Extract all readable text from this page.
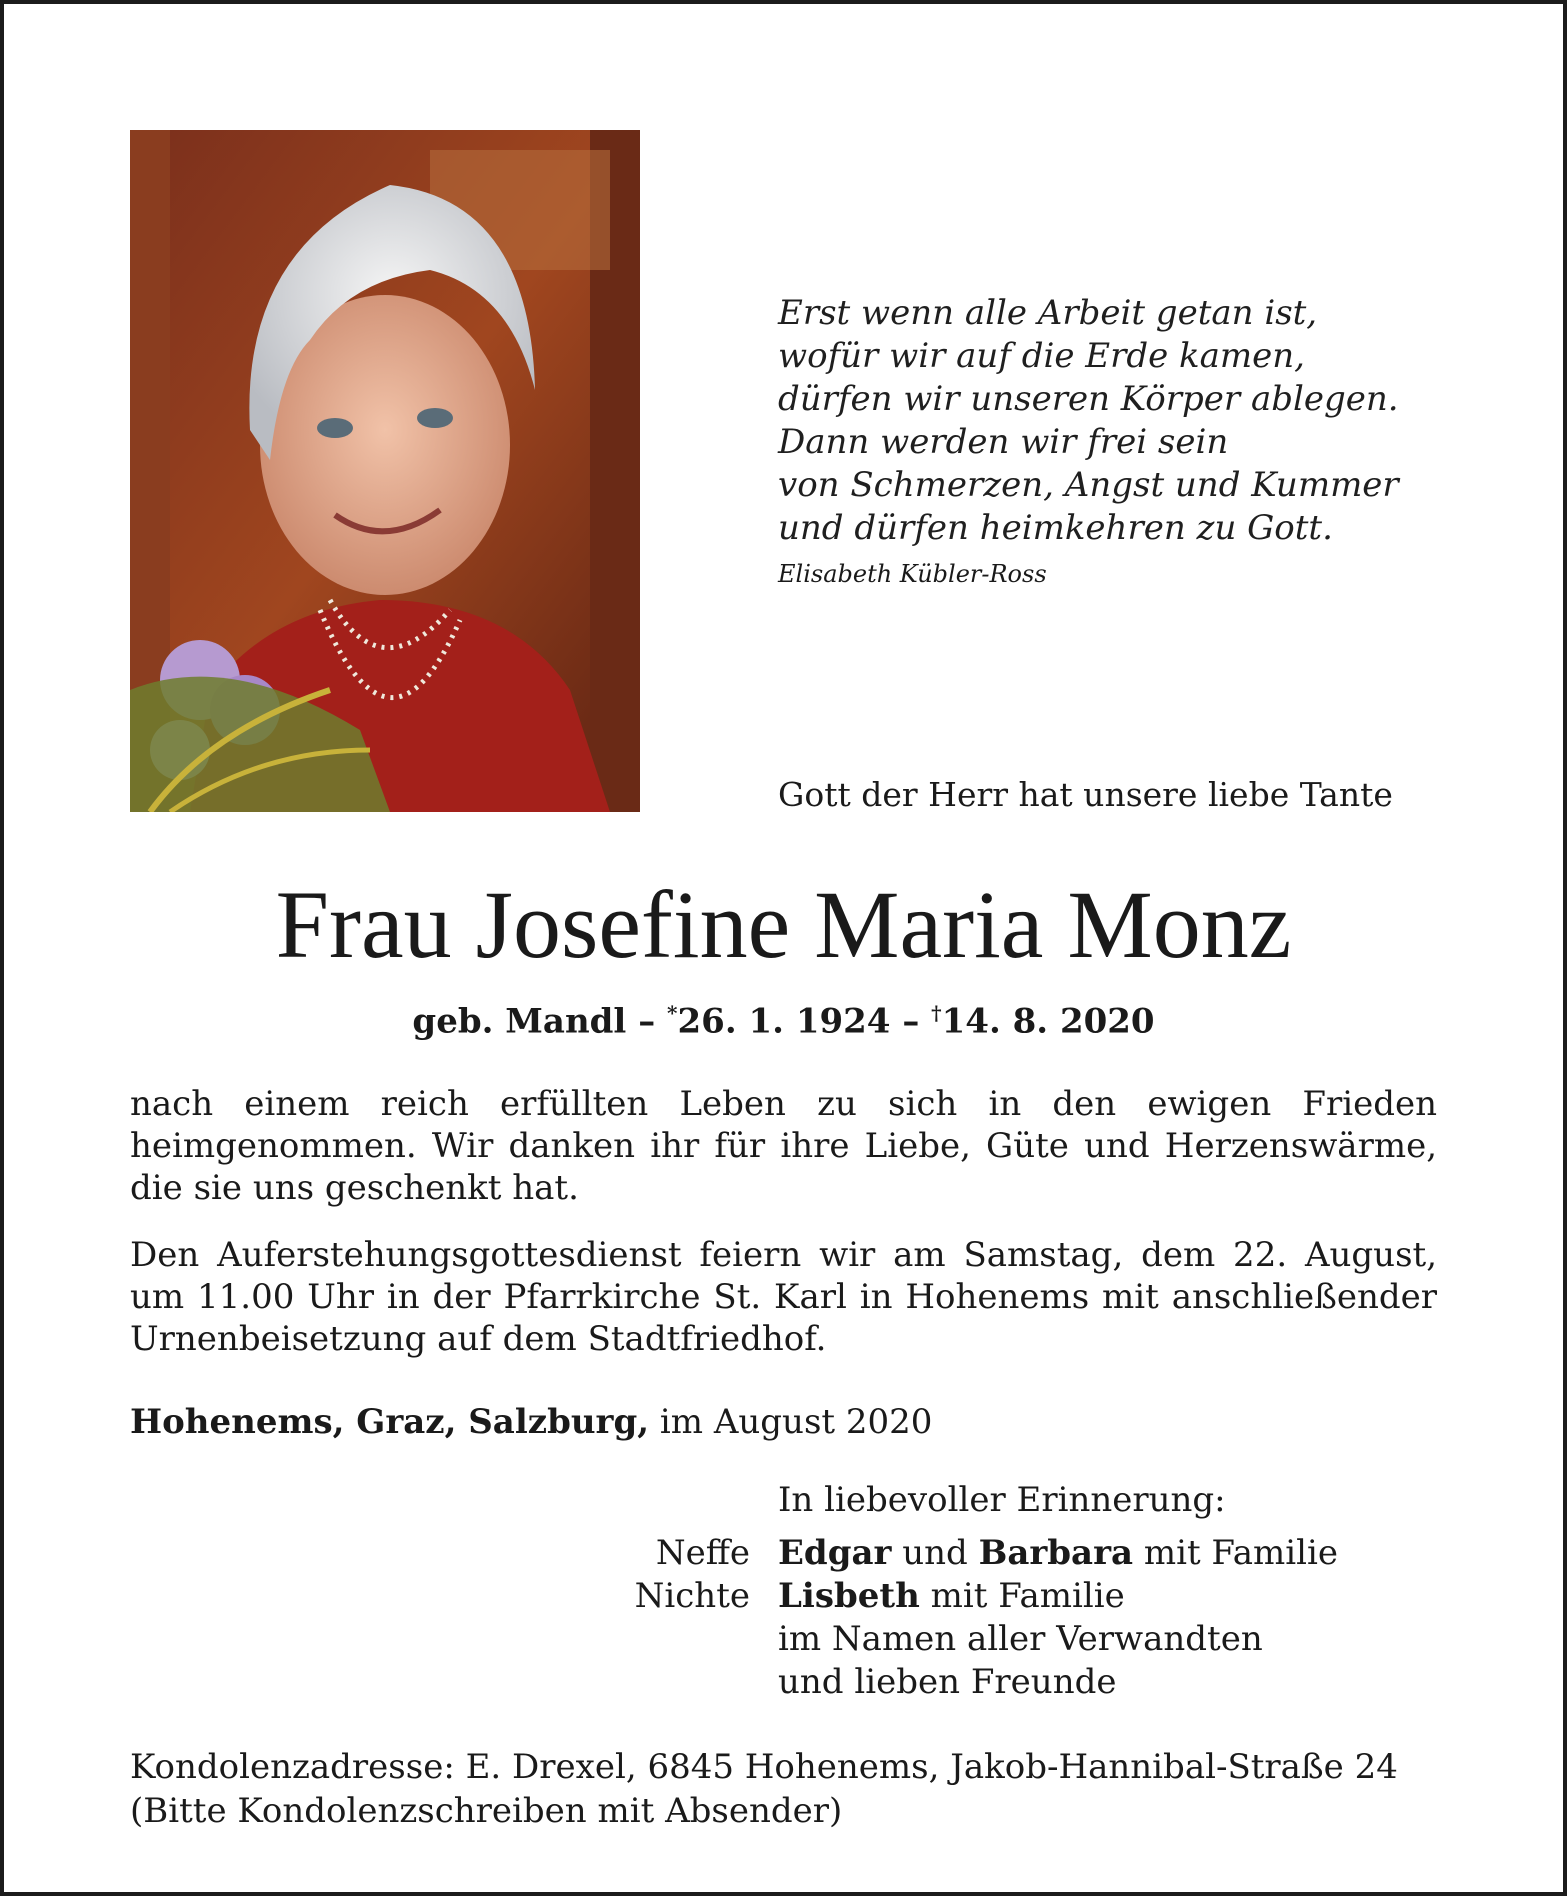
Erst wenn alle Arbeit getan ist,
wofür wir auf die Erde kamen,
dürfen wir unseren Körper ablegen.
Dann werden wir frei sein
von Schmerzen, Angst und Kummer
und dürfen heimkehren zu Gott.
Elisabeth Kübler-Ross
Gott der Herr hat unsere liebe Tante
Frau Josefine Maria Monz
geb. Mandl – *26. 1. 1924 – †14. 8. 2020
nach einem reich erfüllten Leben zu sich in den ewigen Frieden heimgenommen. Wir danken ihr für ihre Liebe, Güte und Herzenswärme, die sie uns geschenkt hat.
Den Auferstehungsgottesdienst feiern wir am Samstag, dem 22. August, um 11.00 Uhr in der Pfarrkirche St. Karl in Hohenems mit anschließender Urnenbeisetzung auf dem Stadtfriedhof.
Hohenems, Graz, Salzburg, im August 2020
In liebevoller Erinnerung:
Neffe Edgar und Barbara mit Familie
Nichte Lisbeth mit Familie
im Namen aller Verwandten
und lieben Freunde
Kondolenzadresse: E. Drexel, 6845 Hohenems, Jakob-Hannibal-Straße 24
(Bitte Kondolenzschreiben mit Absender)
